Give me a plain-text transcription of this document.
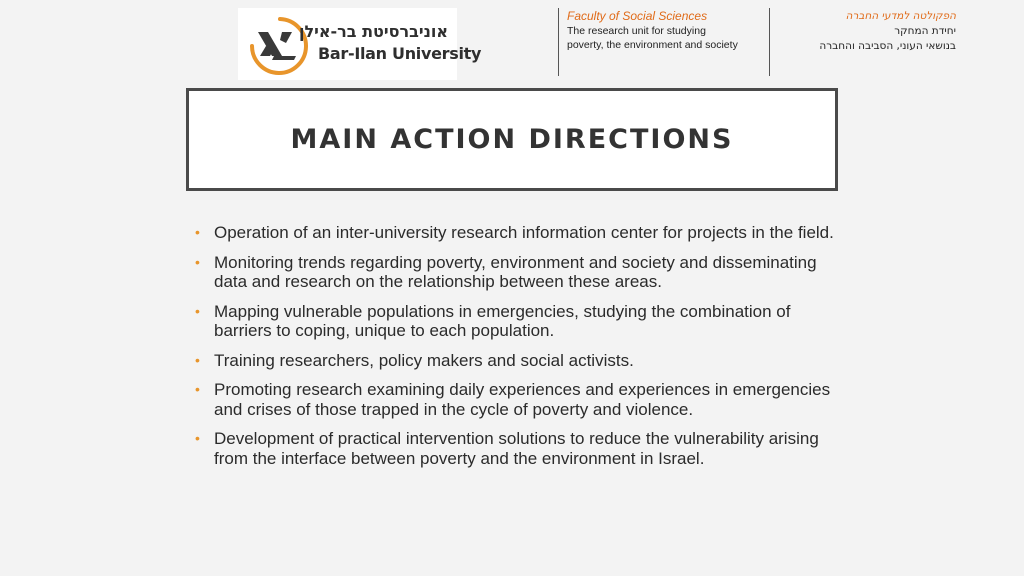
אוניברסיטת בר-אילן
Bar-Ilan University
Faculty of Social Sciences
The research unit for studying
poverty, the environment and society
הפקולטה למדעי החברה
יחידת המחקר
בנושאי העוני, הסביבה והחברה
MAIN ACTION DIRECTIONS
• Operation of an inter-university research information center for projects in the field.
• Monitoring trends regarding poverty, environment and society and disseminating data and research on the relationship between these areas.
• Mapping vulnerable populations in emergencies, studying the combination of barriers to coping, unique to each population.
• Training researchers, policy makers and social activists.
• Promoting research examining daily experiences and experiences in emergencies and crises of those trapped in the cycle of poverty and violence.
• Development of practical intervention solutions to reduce the vulnerability arising from the interface between poverty and the environment in Israel.
